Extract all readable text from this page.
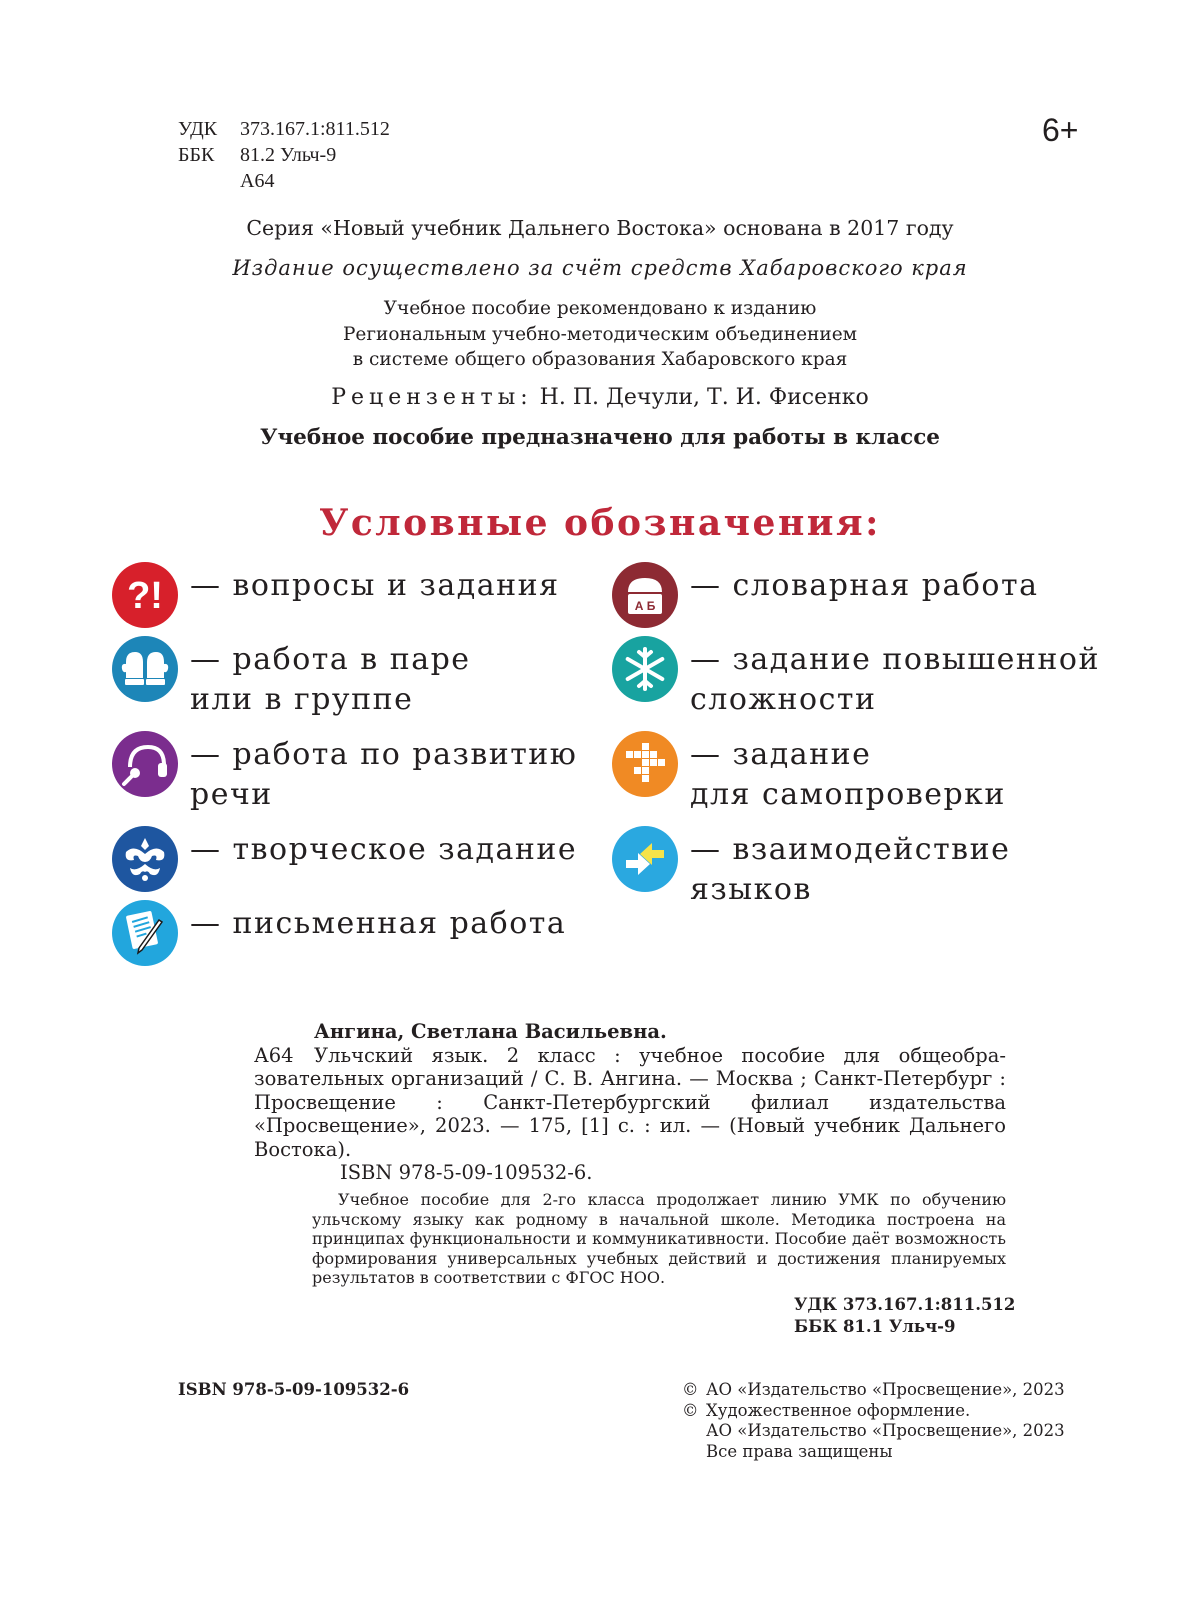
УДК	373.167.1:811.512
ББК	81.2 Ульч-9
А64
6+
Серия «Новый учебник Дальнего Востока» основана в 2017 году
Издание осуществлено за счёт средств Хабаровского края
Учебное пособие рекомендовано к изданию
Региональным учебно-методическим объединением
в системе общего образования Хабаровского края
Рецензенты: Н. П. Дечули, Т. И. Фисенко
Учебное пособие предназначено для работы в классе
Условные обозначения:
?! — вопросы и задания
— работа в паре
или в группе
— работа по развитию
речи
— творческое задание
— письменная работа
А Б
— словарная работа
— задание повышенной
сложности
— задание
для самопроверки
— взаимодействие
языков
Ангина, Светлана Васильевна.
А64	Ульчский язык. 2 класс : учебное пособие для общеобра-
зовательных организаций / С. В. Ангина. — Москва ; Санкт-Петербург : Просвещение : Санкт-Петербургский филиал издательства «Просвещение», 2023. — 175, [1] с. : ил. — (Новый учебник Дальнего Востока).
ISBN 978-5-09-109532-6.
Учебное пособие для 2-го класса продолжает линию УМК по обучению ульчскому языку как родному в начальной школе. Методика построена на принципах функциональности и коммуникативности. Пособие даёт возможность формирования универсальных учебных действий и достижения планируемых результатов в соответствии с ФГОС НОО.
УДК 373.167.1:811.512
ББК 81.1 Ульч-9
ISBN 978-5-09-109532-6	© АО «Издательство «Просвещение», 2023
© Художественное оформление.
АО «Издательство «Просвещение», 2023
Все права защищены
